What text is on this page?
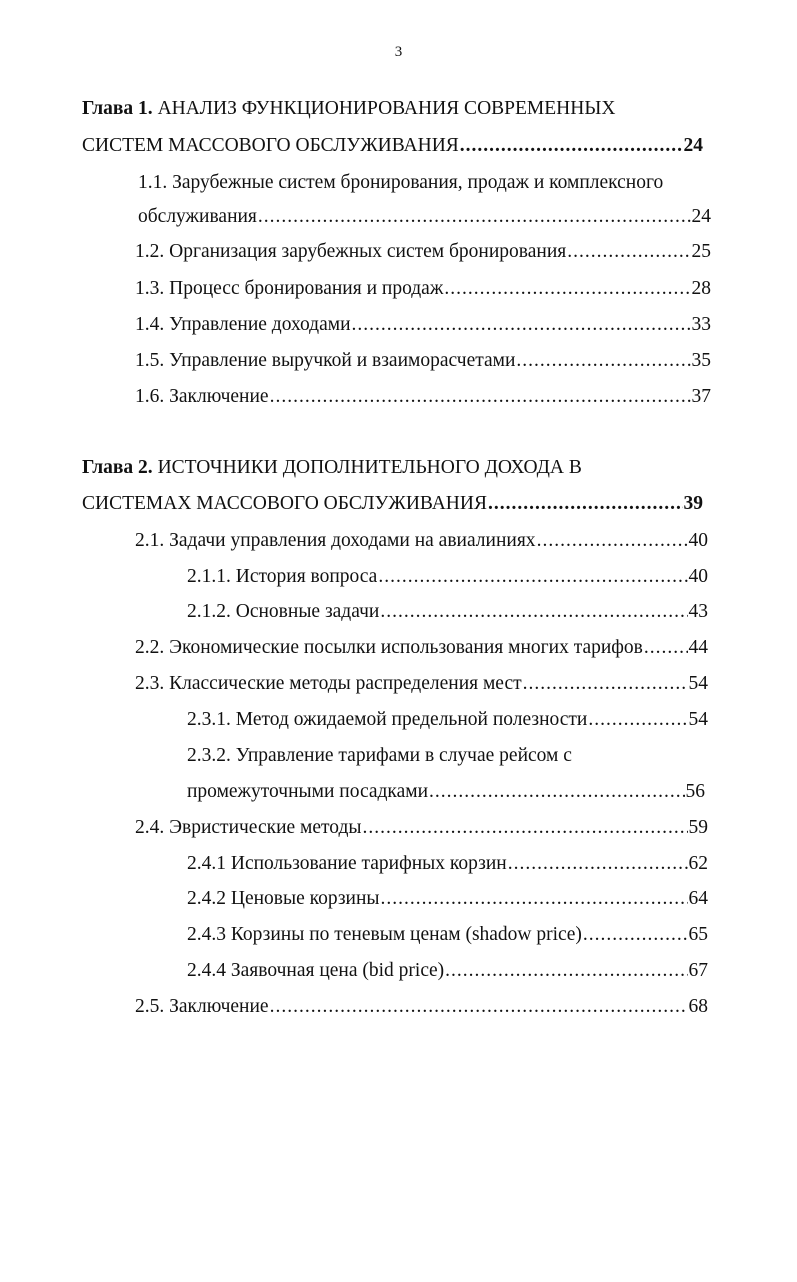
3
Глава 1. АНАЛИЗ ФУНКЦИОНИРОВАНИЯ СОВРЕМЕННЫХ
СИСТЕМ МАССОВОГО ОБСЛУЖИВАНИЯ .....	24
1.1. Зарубежные систем бронирования, продаж и комплексного
обслуживания .....	24
1.2. Организация зарубежных систем бронирования .....	25
1.3. Процесс бронирования и продаж .....	28
1.4. Управление доходами .....	33
1.5. Управление выручкой и взаиморасчетами .....	35
1.6. Заключение .....	37
Глава 2. ИСТОЧНИКИ ДОПОЛНИТЕЛЬНОГО ДОХОДА В
СИСТЕМАХ МАССОВОГО ОБСЛУЖИВАНИЯ .....	39
2.1. Задачи управления доходами на авиалиниях .....	40
2.1.1. История вопроса .....	40
2.1.2. Основные задачи .....	43
2.2. Экономические посылки использования многих тарифов ..... 44
2.3. Классические методы распределения мест .....	54
2.3.1. Метод ожидаемой предельной полезности .....	54
2.3.2. Управление тарифами в случае рейсом с
промежуточными посадками .....	56
2.4. Эвристические методы .....	59
2.4.1 Использование тарифных корзин .....	62
2.4.2 Ценовые корзины .....	64
2.4.3 Корзины по теневым ценам (shadow price) .....	65
2.4.4 Заявочная цена (bid price) .....	67
2.5. Заключение .....	68
